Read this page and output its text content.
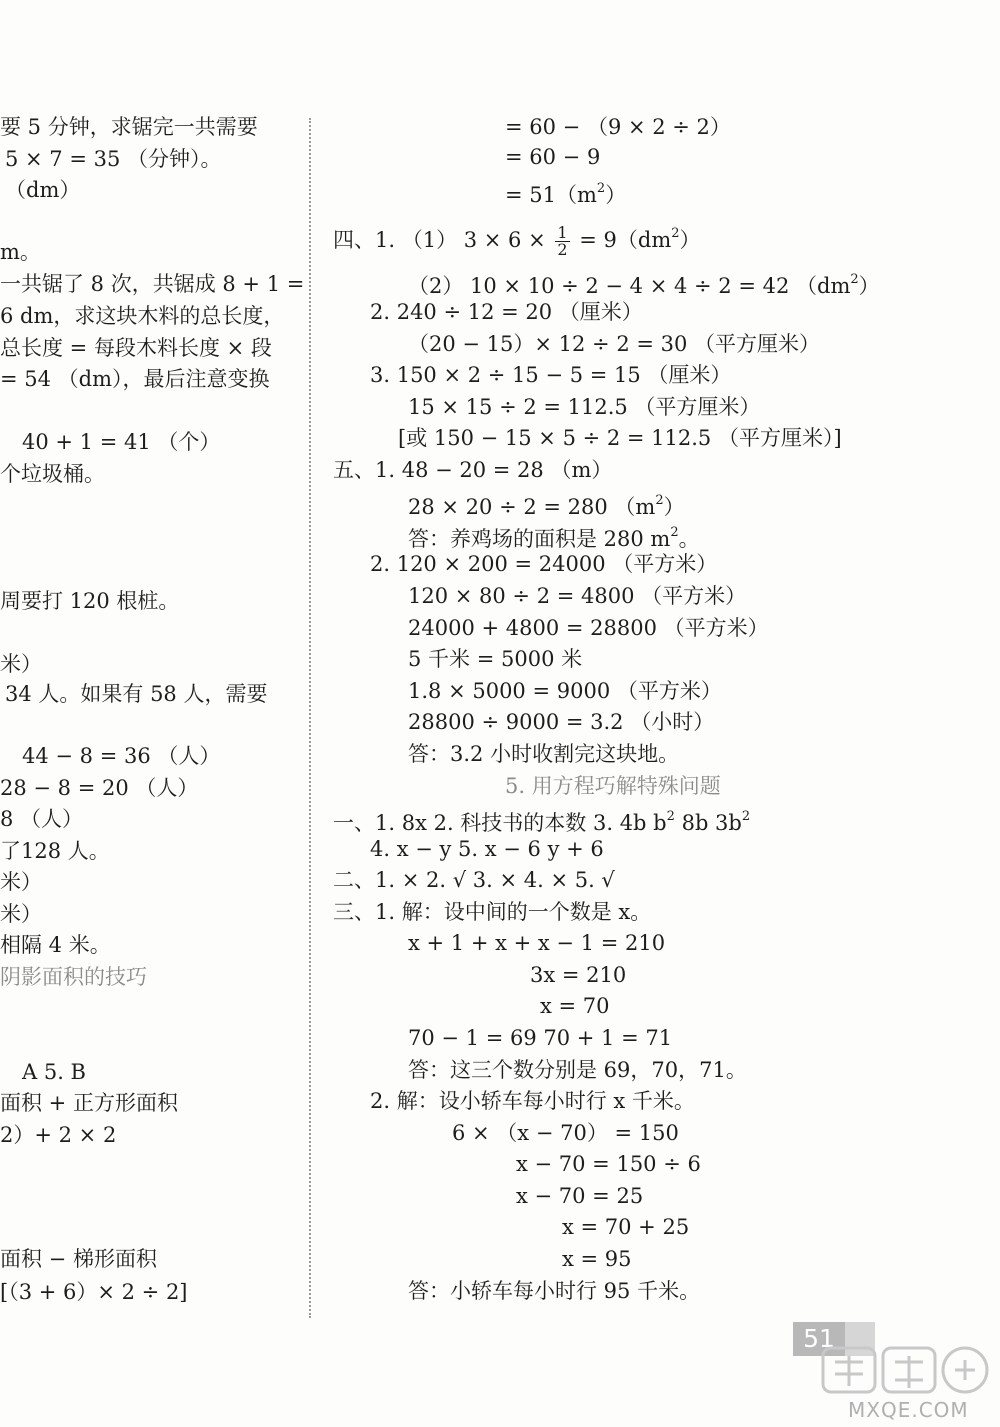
要 5 分钟，求锯完一共需要
5 × 7 = 35 （分钟）。
（dm）
m。
一共锯了 8 次，共锯成 8 + 1 =
6 dm，求这块木料的总长度，
总长度 = 每段木料长度 × 段
= 54 （dm），最后注意变换
40 + 1 = 41 （个）
个垃圾桶。
周要打 120 根桩。
米）
34 人。如果有 58 人，需要
44 − 8 = 36 （人）
28 − 8 = 20 （人）
8 （人）
了128 人。
米）
米）
相隔 4 米。
阴影面积的技巧
A 5. B
面积 + 正方形面积
2）+ 2 × 2
面积 − 梯形面积
[（3 + 6）× 2 ÷ 2]
= 60 − （9 × 2 ÷ 2）
= 60 − 9
= $51(m^2)$
四、1. （1） $3 \times 6 \times \frac{1}{2} = 9(dm^2)$
（2） 10 × 10 ÷ 2 − 4 × 4 ÷ 2 = 42 $(dm^2)$
2. 240 ÷ 12 = 20 （厘米）
（20 − 15）× 12 ÷ 2 = 30 （平方厘米）
3. 150 × 2 ÷ 15 − 5 = 15 （厘米）
15 × 15 ÷ 2 = 112.5 （平方厘米）
[或 150 − 15 × 5 ÷ 2 = 112.5 （平方厘米）]
五、1. 48 − 20 = 28 （m）
28 × 20 ÷ 2 = 280 $(m^2)$
答：养鸡场的面积是 280 $m^2$。
2. 120 × 200 = 24000 （平方米）
120 × 80 ÷ 2 = 4800 （平方米）
24000 + 4800 = 28800 （平方米）
5 千米 = 5000 米
1.8 × 5000 = 9000 （平方米）
28800 ÷ 9000 = 3.2 （小时）
答：3.2 小时收割完这块地。
5. 用方程巧解特殊问题
一、1. 8x 2. 科技书的本数 3. 4b $b^2$ 8b $3b^2$
4. x − y 5. x − 6 y + 6
二、1. × 2. √ 3. × 4. × 5. √
三、1. 解：设中间的一个数是 x。
x + 1 + x + x − 1 = 210
3x = 210
x = 70
70 − 1 = 69 70 + 1 = 71
答：这三个数分别是 69，70，71。
2. 解：设小轿车每小时行 x 千米。
6 × （x − 70） = 150
x − 70 = 150 ÷ 6
x − 70 = 25
x = 70 + 25
x = 95
答：小轿车每小时行 95 千米。
51
MXQE.COM
